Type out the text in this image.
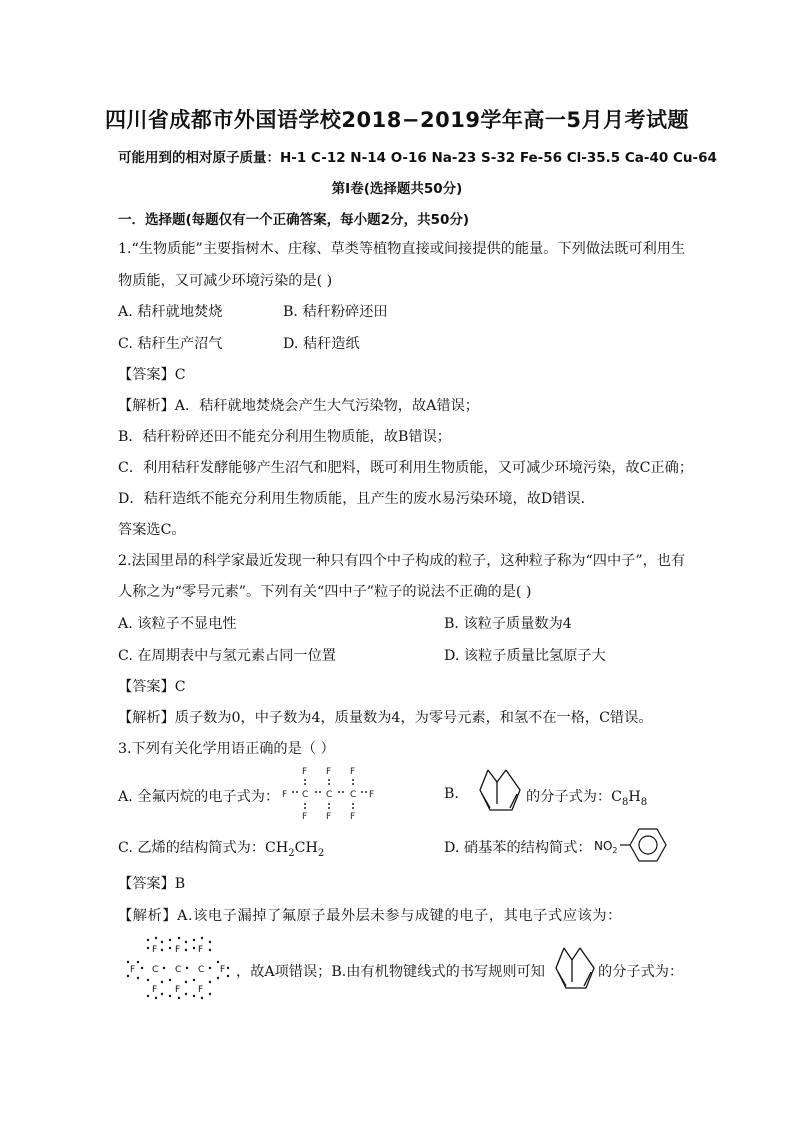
四川省成都市外国语学校2018−2019学年高一5月月考试题
可能用到的相对原子质量：H-1 C-12 N-14 O-16 Na-23 S-32 Fe-56 Cl-35.5 Ca-40 Cu-64
第Ⅰ卷(选择题共50分)
一．选择题(每题仅有一个正确答案，每小题2分，共50分)
1.“生物质能”主要指树木、庄稼、草类等植物直接或间接提供的能量。下列做法既可利用生
物质能，又可减少环境污染的是( )
A. 秸秆就地焚烧	B. 秸秆粉碎还田
C. 秸秆生产沼气	D. 秸秆造纸
【答案】C
【解析】A．秸秆就地焚烧会产生大气污染物，故A错误；
B．秸秆粉碎还田不能充分利用生物质能，故B错误；
C．利用秸秆发酵能够产生沼气和肥料，既可利用生物质能，又可减少环境污染，故C正确；
D．秸秆造纸不能充分利用生物质能，且产生的废水易污染环境，故D错误．
答案选C。
2.法国里昂的科学家最近发现一种只有四个中子构成的粒子，这种粒子称为“四中子”，也有
人称之为“零号元素”。下列有关“四中子”粒子的说法不正确的是( )
A. 该粒子不显电性	B. 该粒子质量数为4
C. 在周期表中与氢元素占同一位置	D. 该粒子质量比氢原子大
【答案】C
【解析】质子数为0，中子数为4，质量数为4，为零号元素，和氢不在一格，C错误。
3.下列有关化学用语正确的是（ ）
A. 全氟丙烷的电子式为：
F F F
F C C C F
F F F
B.	的分子式为：$C_8H_8$
C. 乙烯的结构简式为：$CH_2CH_2$	D. 硝基苯的结构简式： $NO_2$
【答案】B
【解析】A.该电子漏掉了氟原子最外层未参与成键的电子，其电子式应该为：
F F F
F C C C F
F F F
，故A项错误；B.由有机物键线式的书写规则可知	的分子式为：
